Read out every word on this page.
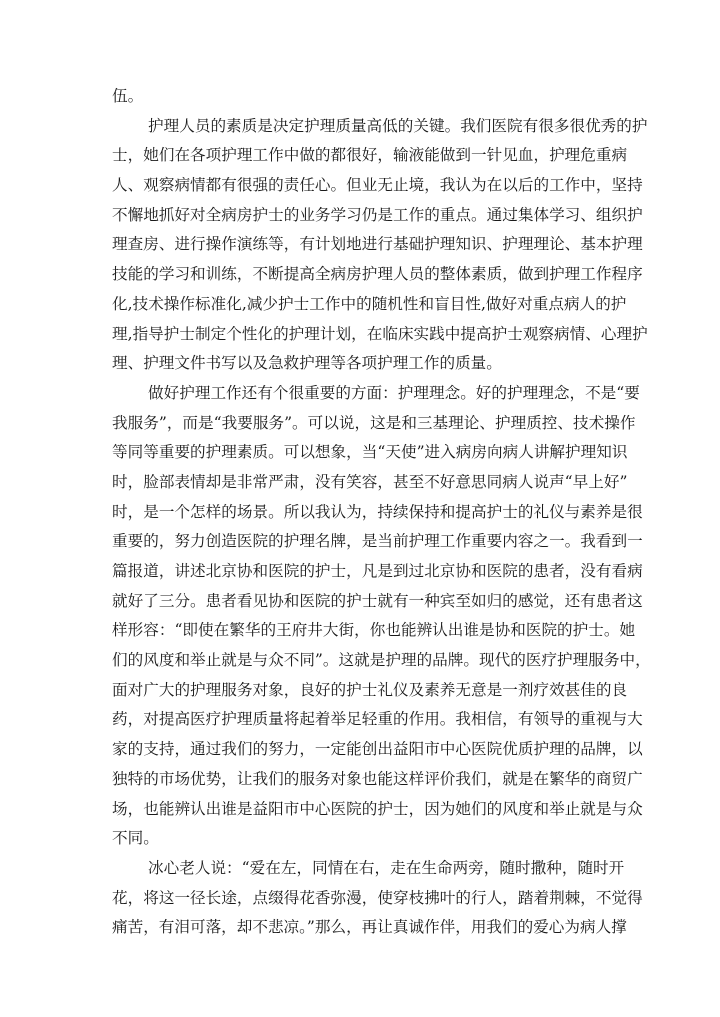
伍。
护 理 人 员 的 素 质 是 决 定 护 理 质 量 高 低 的 关 键 。 我 们 医 院 有 很 多 很 优 秀 的 护
士 ， 她 们 在 各 项 护 理 工 作 中 做 的 都 很 好 ， 输 液 能 做 到 一 针 见 血 ， 护 理 危 重 病
人 、 观 察 病 情 都 有 很 强 的 责 任 心 。 但 业 无 止 境 ， 我 认 为 在 以 后 的 工 作 中 ， 坚 持
不 懈 地 抓 好 对 全 病 房 护 士 的 业 务 学 习 仍 是 工 作 的 重 点 。 通 过 集 体 学 习 、 组 织 护
理 查 房 、 进 行 操 作 演 练 等 ， 有 计 划 地 进 行 基 础 护 理 知 识 、 护 理 理 论 、 基 本 护 理
技 能 的 学 习 和 训 练 ， 不 断 提 高 全 病 房 护 理 人 员 的 整 体 素 质 ， 做 到 护 理 工 作 程 序
化 , 技 术 操 作 标 准 化 , 减 少 护 士 工 作 中 的 随 机 性 和 盲 目 性 , 做 好 对 重 点 病 人 的 护
理 , 指 导 护 士 制 定 个 性 化 的 护 理 计 划 ， 在 临 床 实 践 中 提 高 护 士 观 察 病 情 、 心 理 护
理、护理文件书写以及急救护理等各项护理工作的质量。
做 好 护 理 工 作 还 有 个 很 重 要 的 方 面 ： 护 理 理 念 。 好 的 护 理 理 念 ， 不 是 “ 要
我 服 务 ” ， 而 是 “ 我 要 服 务 ” 。 可 以 说 ， 这 是 和 三 基 理 论 、 护 理 质 控 、 技 术 操 作
等 同 等 重 要 的 护 理 素 质 。 可 以 想 象 ， 当 “ 天 使 ” 进 入 病 房 向 病 人 讲 解 护 理 知 识
时 ， 脸 部 表 情 却 是 非 常 严 肃 ， 没 有 笑 容 ， 甚 至 不 好 意 思 同 病 人 说 声 “ 早 上 好 ”
时 ， 是 一 个 怎 样 的 场 景 。 所 以 我 认 为 ， 持 续 保 持 和 提 高 护 士 的 礼 仪 与 素 养 是 很
重 要 的 ， 努 力 创 造 医 院 的 护 理 名 牌 ， 是 当 前 护 理 工 作 重 要 内 容 之 一 。 我 看 到 一
篇 报 道 ， 讲 述 北 京 协 和 医 院 的 护 士 ， 凡 是 到 过 北 京 协 和 医 院 的 患 者 ， 没 有 看 病
就 好 了 三 分 。 患 者 看 见 协 和 医 院 的 护 士 就 有 一 种 宾 至 如 归 的 感 觉 ， 还 有 患 者 这
样 形 容 ： “ 即 使 在 繁 华 的 王 府 井 大 街 ， 你 也 能 辨 认 出 谁 是 协 和 医 院 的 护 士 。 她
们 的 风 度 和 举 止 就 是 与 众 不 同 ” 。 这 就 是 护 理 的 品 牌 。 现 代 的 医 疗 护 理 服 务 中 ，
面 对 广 大 的 护 理 服 务 对 象 ， 良 好 的 护 士 礼 仪 及 素 养 无 意 是 一 剂 疗 效 甚 佳 的 良
药 ， 对 提 高 医 疗 护 理 质 量 将 起 着 举 足 轻 重 的 作 用 。 我 相 信 ， 有 领 导 的 重 视 与 大
家 的 支 持 ， 通 过 我 们 的 努 力 ， 一 定 能 创 出 益 阳 市 中 心 医 院 优 质 护 理 的 品 牌 ， 以
独 特 的 市 场 优 势 ， 让 我 们 的 服 务 对 象 也 能 这 样 评 价 我 们 ， 就 是 在 繁 华 的 商 贸 广
场 ， 也 能 辨 认 出 谁 是 益 阳 市 中 心 医 院 的 护 士 ， 因 为 她 们 的 风 度 和 举 止 就 是 与 众
不同。
冰 心 老 人 说 ： “ 爱 在 左 ， 同 情 在 右 ， 走 在 生 命 两 旁 ， 随 时 撒 种 ， 随 时 开
花 ， 将 这 一 径 长 途 ， 点 缀 得 花 香 弥 漫 ， 使 穿 枝 拂 叶 的 行 人 ， 踏 着 荆 棘 ， 不 觉 得
痛苦，有泪可落，却不悲凉。”那么，再让真诚作伴，用我们的爱心为病人撑
